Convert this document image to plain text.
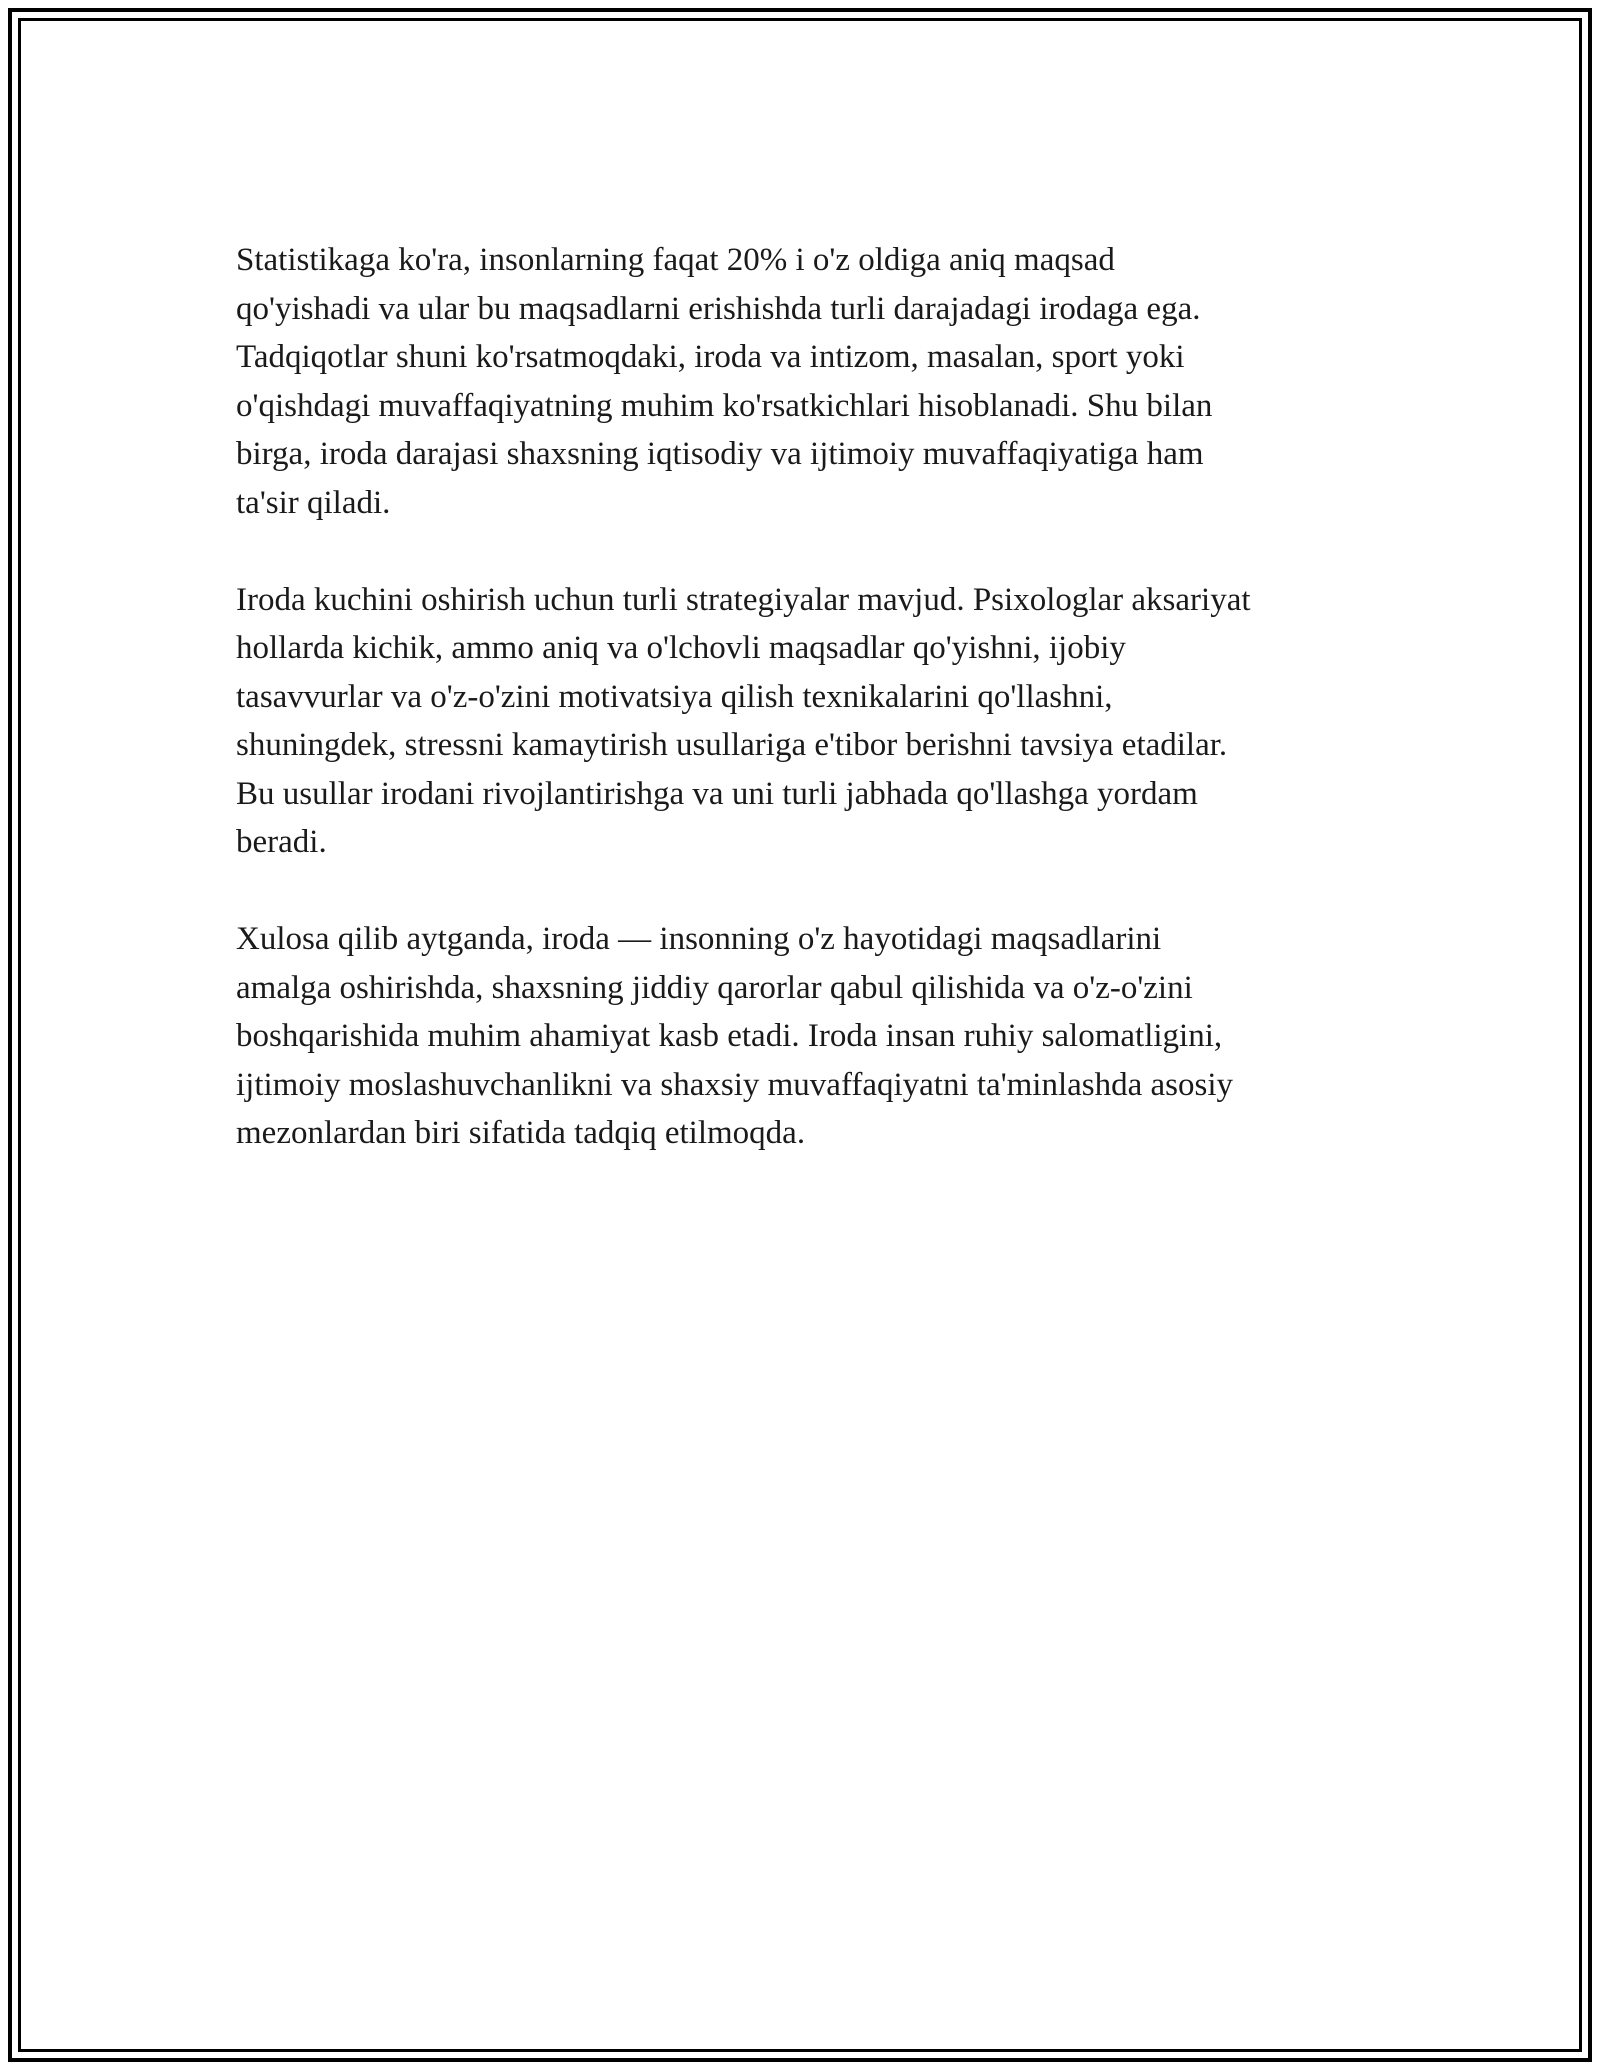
Statistikaga ko'ra, insonlarning faqat 20% i o'z oldiga aniq maqsad
qo'yishadi va ular bu maqsadlarni erishishda turli darajadagi irodaga ega.
Tadqiqotlar shuni ko'rsatmoqdaki, iroda va intizom, masalan, sport yoki
o'qishdagi muvaffaqiyatning muhim ko'rsatkichlari hisoblanadi. Shu bilan
birga, iroda darajasi shaxsning iqtisodiy va ijtimoiy muvaffaqiyatiga ham
ta'sir qiladi.

Iroda kuchini oshirish uchun turli strategiyalar mavjud. Psixologlar aksariyat
hollarda kichik, ammo aniq va o'lchovli maqsadlar qo'yishni, ijobiy
tasavvurlar va o'z-o'zini motivatsiya qilish texnikalarini qo'llashni,
shuningdek, stressni kamaytirish usullariga e'tibor berishni tavsiya etadilar.
Bu usullar irodani rivojlantirishga va uni turli jabhada qo'llashga yordam
beradi.

Xulosa qilib aytganda, iroda — insonning o'z hayotidagi maqsadlarini
amalga oshirishda, shaxsning jiddiy qarorlar qabul qilishida va o'z-o'zini
boshqarishida muhim ahamiyat kasb etadi. Iroda insan ruhiy salomatligini,
ijtimoiy moslashuvchanlikni va shaxsiy muvaffaqiyatni ta'minlashda asosiy
mezonlardan biri sifatida tadqiq etilmoqda.
